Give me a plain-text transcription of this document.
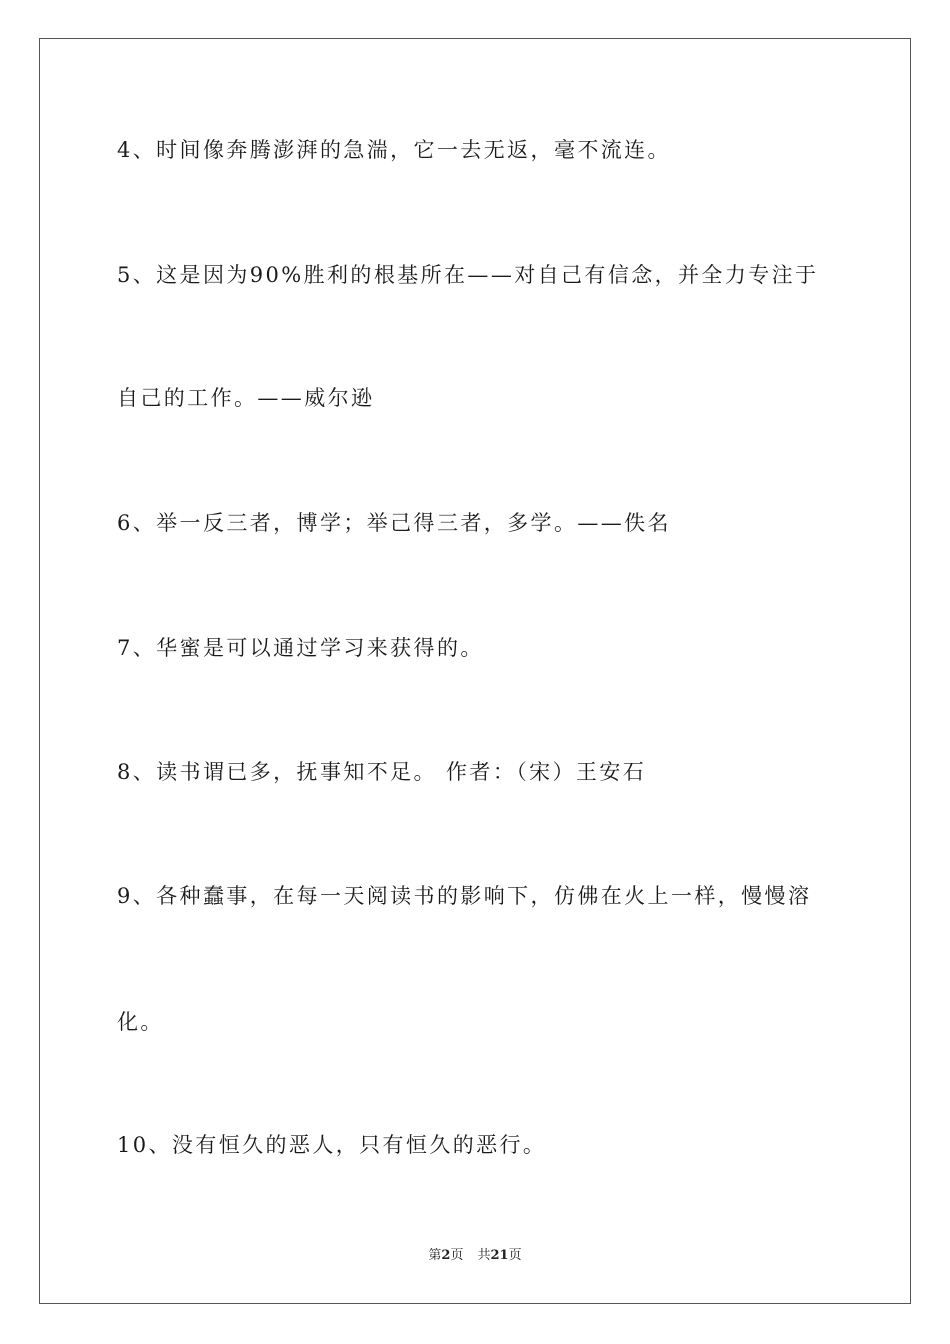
4、时间像奔腾澎湃的急湍，它一去无返，毫不流连。
5、这是因为90%胜利的根基所在——对自己有信念，并全力专注于
自己的工作。——威尔逊
6、举一反三者，博学；举己得三者，多学。——佚名
7、华蜜是可以通过学习来获得的。
8、读书谓已多，抚事知不足。 作者：（宋）王安石
9、各种蠢事，在每一天阅读书的影响下，仿佛在火上一样，慢慢溶
化。
10、没有恒久的恶人，只有恒久的恶行。
第2页 共21页
